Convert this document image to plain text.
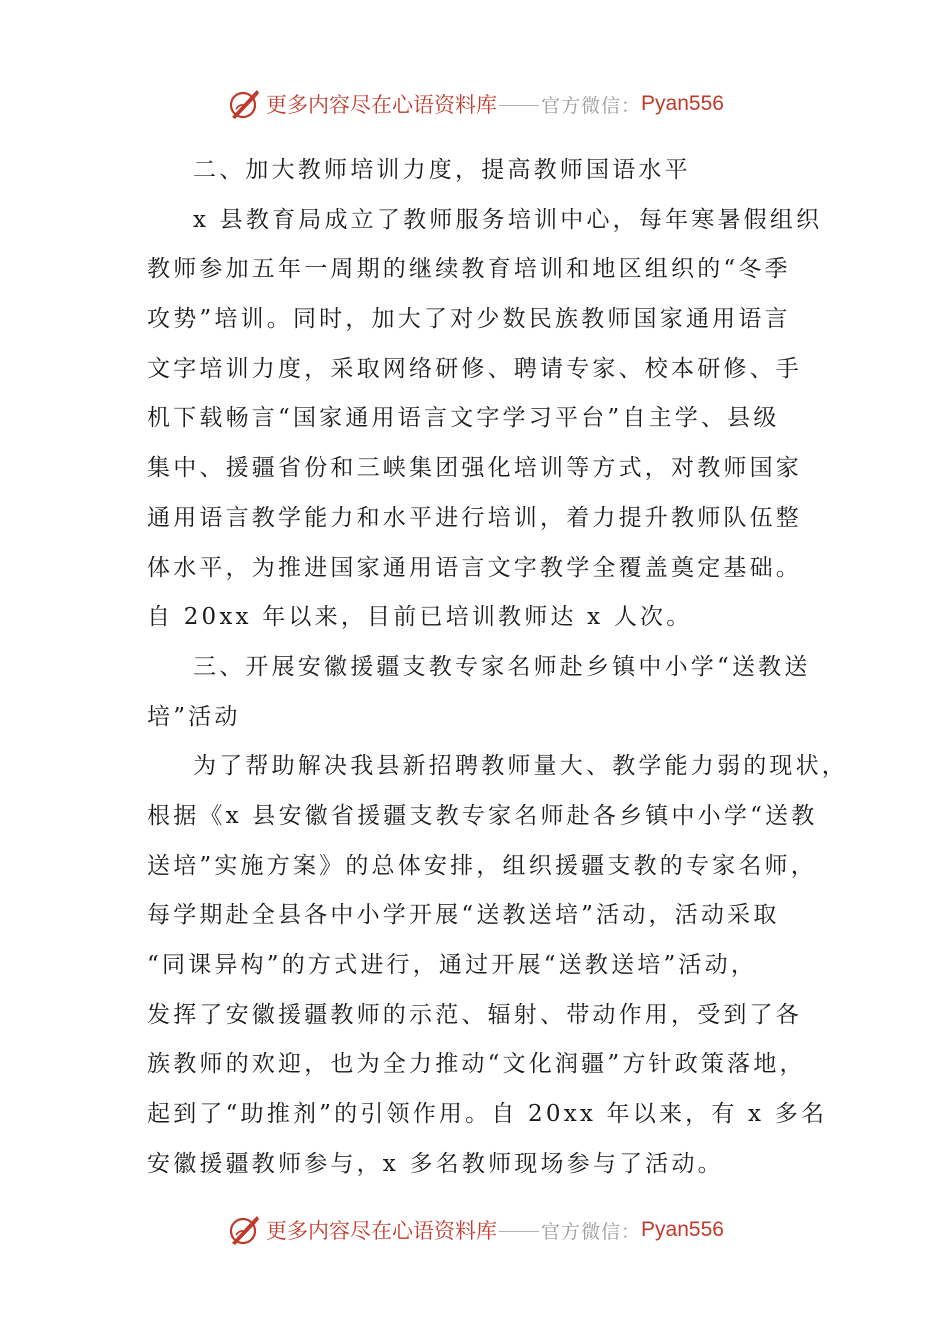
更多内容尽在心语资料库 官方微信： Pyan556
二、加大教师培训力度，提高教师国语水平
x 县教育局成立了教师服务培训中心，每年寒暑假组织
教师参加五年一周期的继续教育培训和地区组织的“冬季
攻势”培训。同时，加大了对少数民族教师国家通用语言
文字培训力度，采取网络研修、聘请专家、校本研修、手
机下载畅言“国家通用语言文字学习平台”自主学、县级
集中、援疆省份和三峡集团强化培训等方式，对教师国家
通用语言教学能力和水平进行培训，着力提升教师队伍整
体水平，为推进国家通用语言文字教学全覆盖奠定基础。
自 20xx 年以来，目前已培训教师达 x 人次。
三、开展安徽援疆支教专家名师赴乡镇中小学“送教送
培”活动
为了帮助解决我县新招聘教师量大、教学能力弱的现状，
根据《x 县安徽省援疆支教专家名师赴各乡镇中小学“送教
送培”实施方案》的总体安排，组织援疆支教的专家名师，
每学期赴全县各中小学开展“送教送培”活动，活动采取
“同课异构”的方式进行，通过开展“送教送培”活动，
发挥了安徽援疆教师的示范、辐射、带动作用，受到了各
族教师的欢迎，也为全力推动“文化润疆”方针政策落地，
起到了“助推剂”的引领作用。自 20xx 年以来，有 x 多名
安徽援疆教师参与，x 多名教师现场参与了活动。
更多内容尽在心语资料库 官方微信： Pyan556
